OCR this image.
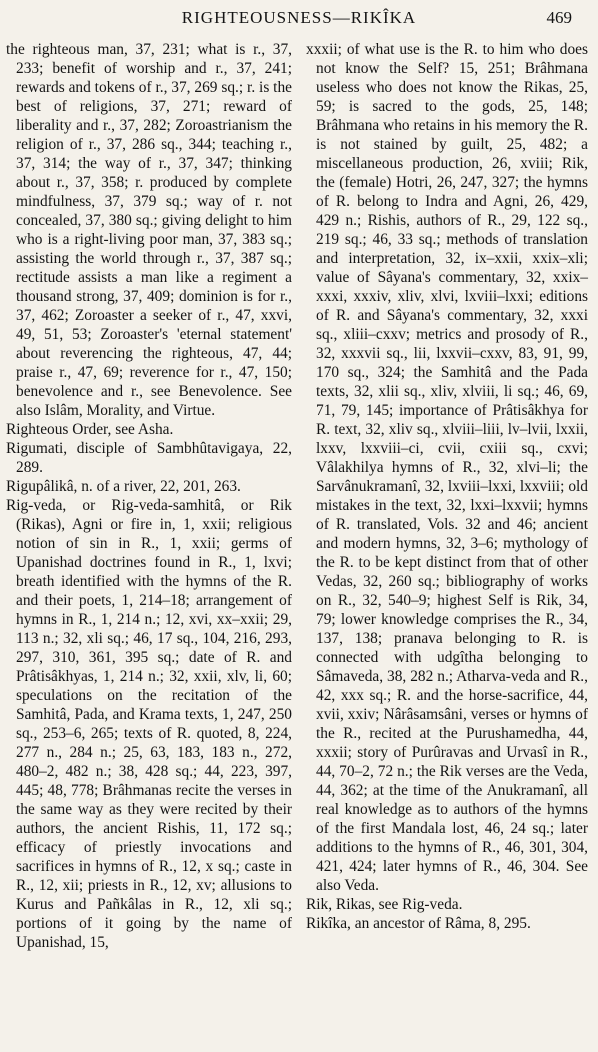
RIGHTEOUSNESS—RIKÎKA	469

the righteous man, 37, 231; what is r., 37, 233; benefit of worship and r., 37, 241; rewards and tokens of r., 37, 269 sq.; r. is the best of religions, 37, 271; reward of liberality and r., 37, 282; Zoroastrianism the religion of r., 37, 286 sq., 344; teaching r., 37, 314; the way of r., 37, 347; thinking about r., 37, 358; r. produced by complete mindfulness, 37, 379 sq.; way of r. not concealed, 37, 380 sq.; giving delight to him who is a right-living poor man, 37, 383 sq.; assisting the world through r., 37, 387 sq.; rectitude assists a man like a regiment a thousand strong, 37, 409; dominion is for r., 37, 462; Zoroaster a seeker of r., 47, xxvi, 49, 51, 53; Zoroaster's 'eternal statement' about reverencing the righteous, 47, 44; praise r., 47, 69; reverence for r., 47, 150; benevolence and r., see Benevolence. See also Islâm, Morality, and Virtue.

Righteous Order, see Asha.

Rigumati, disciple of Sambhûtavigaya, 22, 289.

Rigupâlikâ, n. of a river, 22, 201, 263.

Rig-veda, or Rig-veda-samhitâ, or Rik (Rikas), Agni or fire in, 1, xxii; religious notion of sin in R., 1, xxii; germs of Upanishad doctrines found in R., 1, lxvi; breath identified with the hymns of the R. and their poets, 1, 214–18; arrangement of hymns in R., 1, 214 n.; 12, xvi, xx–xxii; 29, 113 n.; 32, xli sq.; 46, 17 sq., 104, 216, 293, 297, 310, 361, 395 sq.; date of R. and Prâtisâkhyas, 1, 214 n.; 32, xxii, xlv, li, 60; speculations on the recitation of the Samhitâ, Pada, and Krama texts, 1, 247, 250 sq., 253–6, 265; texts of R. quoted, 8, 224, 277 n., 284 n.; 25, 63, 183, 183 n., 272, 480–2, 482 n.; 38, 428 sq.; 44, 223, 397, 445; 48, 778; Brâhmanas recite the verses in the same way as they were recited by their authors, the ancient Rishis, 11, 172 sq.; efficacy of priestly invocations and sacrifices in hymns of R., 12, x sq.; caste in R., 12, xii; priests in R., 12, xv; allusions to Kurus and Pañkâlas in R., 12, xli sq.; portions of it going by the name of Upanishad, 15,

xxxii; of what use is the R. to him who does not know the Self? 15, 251; Brâhmana useless who does not know the Rikas, 25, 59; is sacred to the gods, 25, 148; Brâhmana who retains in his memory the R. is not stained by guilt, 25, 482; a miscellaneous production, 26, xviii; Rik, the (female) Hotri, 26, 247, 327; the hymns of R. belong to Indra and Agni, 26, 429, 429 n.; Rishis, authors of R., 29, 122 sq., 219 sq.; 46, 33 sq.; methods of translation and interpretation, 32, ix–xxii, xxix–xli; value of Sâyana's commentary, 32, xxix–xxxi, xxxiv, xliv, xlvi, lxviii–lxxi; editions of R. and Sâyana's commentary, 32, xxxi sq., xliii–cxxv; metrics and prosody of R., 32, xxxvii sq., lii, lxxvii–cxxv, 83, 91, 99, 170 sq., 324; the Samhitâ and the Pada texts, 32, xlii sq., xliv, xlviii, li sq.; 46, 69, 71, 79, 145; importance of Prâtisâkhya for R. text, 32, xliv sq., xlviii–liii, lv–lvii, lxxii, lxxv, lxxviii–ci, cvii, cxiii sq., cxvi; Vâlakhilya hymns of R., 32, xlvi–li; the Sarvânukramanî, 32, lxviii–lxxi, lxxviii; old mistakes in the text, 32, lxxi–lxxvii; hymns of R. translated, Vols. 32 and 46; ancient and modern hymns, 32, 3–6; mythology of the R. to be kept distinct from that of other Vedas, 32, 260 sq.; bibliography of works on R., 32, 540–9; highest Self is Rik, 34, 79; lower knowledge comprises the R., 34, 137, 138; pranava belonging to R. is connected with udgîtha belonging to Sâmaveda, 38, 282 n.; Atharva-veda and R., 42, xxx sq.; R. and the horse-sacrifice, 44, xvii, xxiv; Nârâsamsâni, verses or hymns of the R., recited at the Purushamedha, 44, xxxii; story of Purûravas and Urvasî in R., 44, 70–2, 72 n.; the Rik verses are the Veda, 44, 362; at the time of the Anukramanî, all real knowledge as to authors of the hymns of the first Mandala lost, 46, 24 sq.; later additions to the hymns of R., 46, 301, 304, 421, 424; later hymns of R., 46, 304. See also Veda.

Rik, Rikas, see Rig-veda.

Rikîka, an ancestor of Râma, 8, 295.
